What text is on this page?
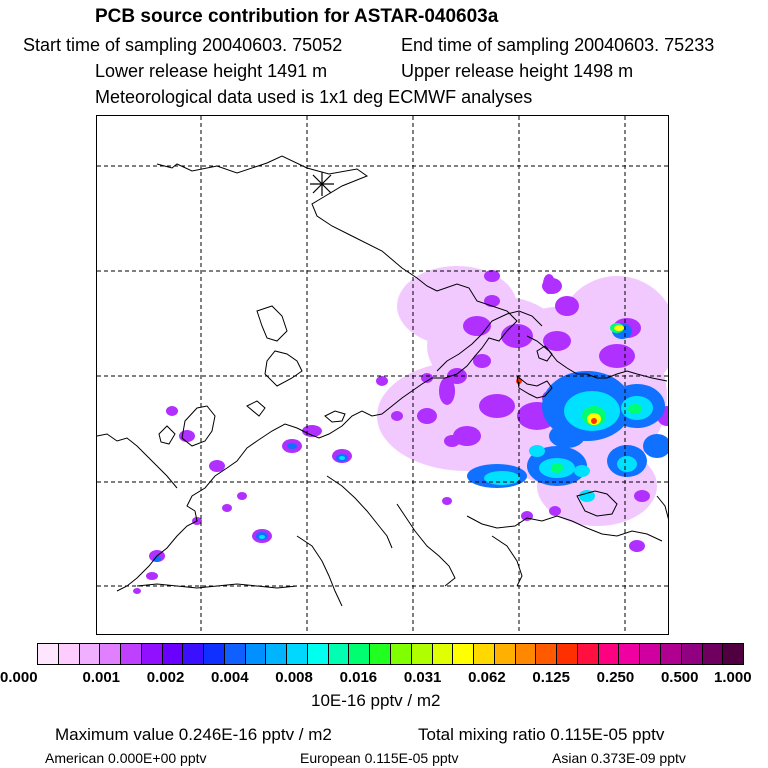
PCB source contribution for ASTAR-040603a
Start time of sampling 20040603. 75052	End time of sampling 20040603. 75233
Lower release height 1491 m	Upper release height 1498 m
Meteorological data used is 1x1 deg ECMWF analyses
0.000	0.001 0.002 0.004 0.008 0.016 0.031 0.062 0.125 0.250 0.500 1.000
10E-16 pptv / m2
Maximum value 0.246E-16 pptv / m2	Total mixing ratio 0.115E-05 pptv
American 0.000E+00 pptv	European 0.115E-05 pptv	Asian 0.373E-09 pptv
